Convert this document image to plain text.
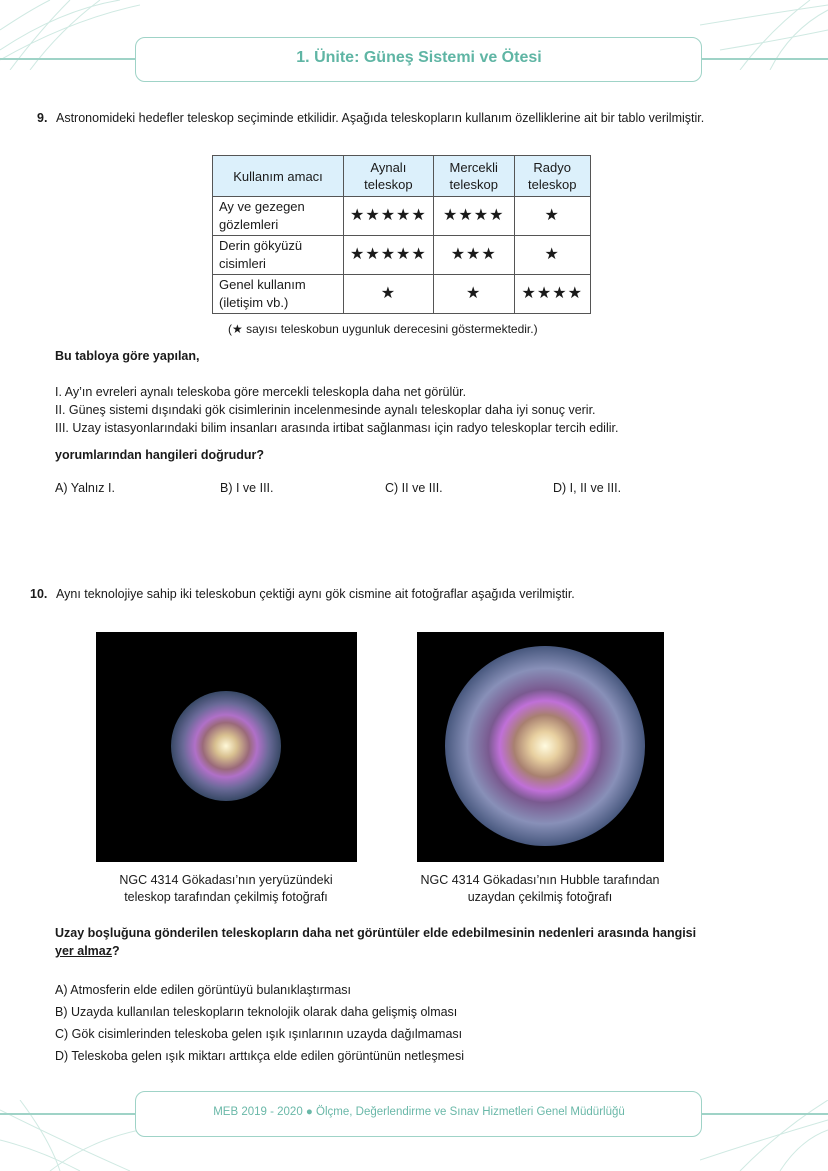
1. Ünite: Güneş Sistemi ve Ötesi
9. Astronomideki hedefler teleskop seçiminde etkilidir. Aşağıda teleskopların kullanım özelliklerine ait bir tablo verilmiştir.
Kullanım amacı	Aynalı teleskop	Mercekli teleskop	Radyo teleskop
Ay ve gezegen gözlemleri	★★★★★	★★★★	★
Derin gökyüzü cisimleri	★★★★★	★★★	★
Genel kullanım (iletişim vb.)	★	★	★★★★
(★ sayısı teleskobun uygunluk derecesini göstermektedir.)
Bu tabloya göre yapılan,
I. Ay’ın evreleri aynalı teleskoba göre mercekli teleskopla daha net görülür.
II. Güneş sistemi dışındaki gök cisimlerinin incelenmesinde aynalı teleskoplar daha iyi sonuç verir.
III. Uzay istasyonlarındaki bilim insanları arasında irtibat sağlanması için radyo teleskoplar tercih edilir.
yorumlarından hangileri doğrudur?
A) Yalnız I.	B) I ve III.	C) II ve III.	D) I, II ve III.
10. Aynı teknolojiye sahip iki teleskobun çektiği aynı gök cismine ait fotoğraflar aşağıda verilmiştir.
NGC 4314 Gökadası’nın yeryüzündeki
teleskop tarafından çekilmiş fotoğrafı
NGC 4314 Gökadası’nın Hubble tarafından
uzaydan çekilmiş fotoğrafı
Uzay boşluğuna gönderilen teleskopların daha net görüntüler elde edebilmesinin nedenleri arasında hangisi
yer almaz?
A) Atmosferin elde edilen görüntüyü bulanıklaştırması
B) Uzayda kullanılan teleskopların teknolojik olarak daha gelişmiş olması
C) Gök cisimlerinden teleskoba gelen ışık ışınlarının uzayda dağılmaması
D) Teleskoba gelen ışık miktarı arttıkça elde edilen görüntünün netleşmesi
MEB 2019 - 2020 ● Ölçme, Değerlendirme ve Sınav Hizmetleri Genel Müdürlüğü
